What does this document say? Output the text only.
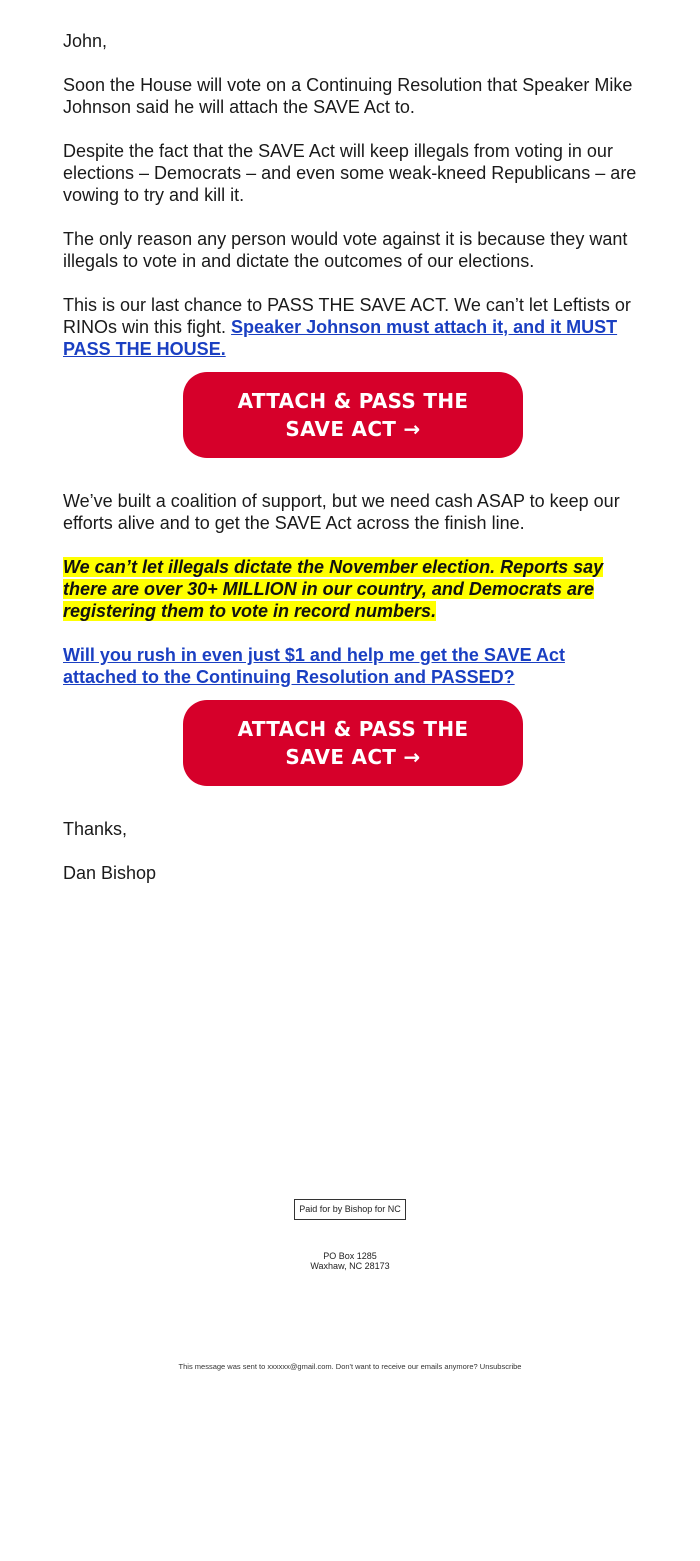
John,

Soon the House will vote on a Continuing Resolution that Speaker Mike Johnson said he will attach the SAVE Act to.

Despite the fact that the SAVE Act will keep illegals from voting in our elections – Democrats – and even some weak-kneed Republicans – are vowing to try and kill it.

The only reason any person would vote against it is because they want illegals to vote in and dictate the outcomes of our elections.

This is our last chance to PASS THE SAVE ACT. We can’t let Leftists or RINOs win this fight. Speaker Johnson must attach it, and it MUST PASS THE HOUSE.

ATTACH & PASS THE
SAVE ACT →

We’ve built a coalition of support, but we need cash ASAP to keep our efforts alive and to get the SAVE Act across the finish line.

We can’t let illegals dictate the November election. Reports say there are over 30+ MILLION in our country, and Democrats are registering them to vote in record numbers.

Will you rush in even just $1 and help me get the SAVE Act attached to the Continuing Resolution and PASSED?

ATTACH & PASS THE
SAVE ACT →

Thanks,

Dan Bishop

Paid for by Bishop for NC
PO Box 1285
Waxhaw, NC 28173
This message was sent to xxxxxx@gmail.com. Don't want to receive our emails anymore? Unsubscribe
